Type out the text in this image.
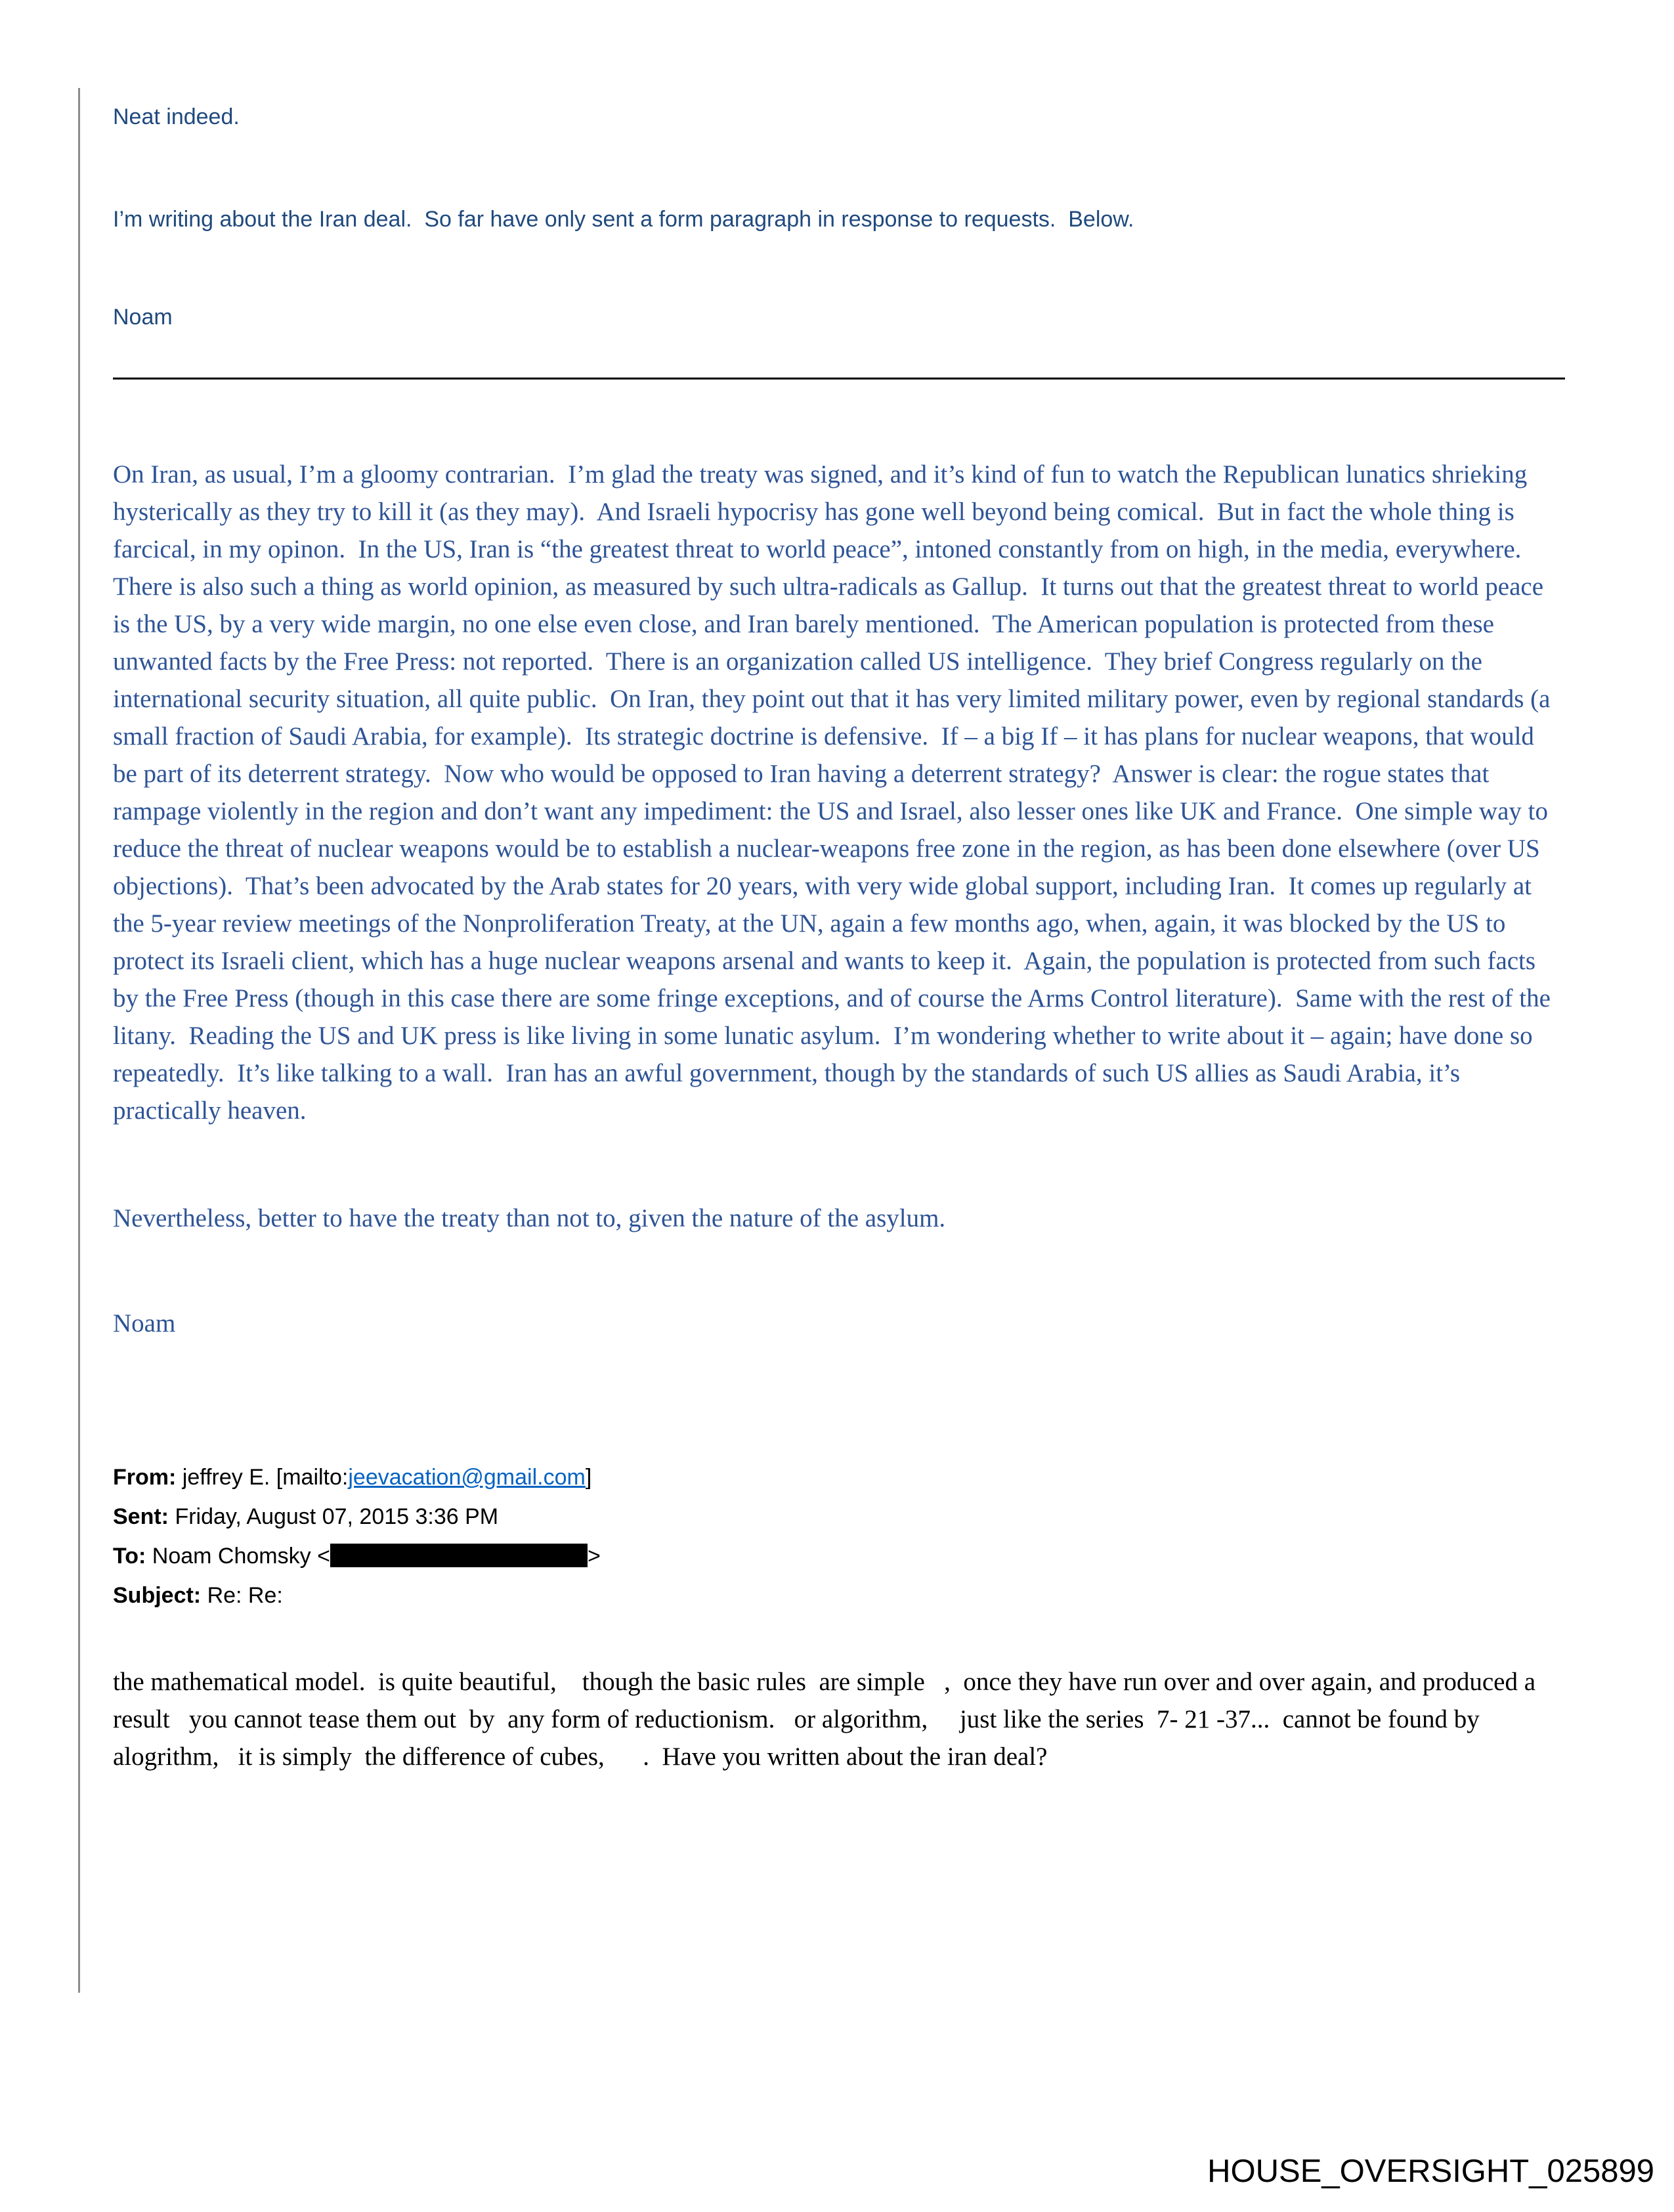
Neat indeed.

I’m writing about the Iran deal.  So far have only sent a form paragraph in response to requests.  Below.

Noam

On Iran, as usual, I’m a gloomy contrarian.  I’m glad the treaty was signed, and it’s kind of fun to watch the Republican lunatics shrieking hysterically as they try to kill it (as they may).  And Israeli hypocrisy has gone well beyond being comical.  But in fact the whole thing is farcical, in my opinon.  In the US, Iran is “the greatest threat to world peace”, intoned constantly from on high, in the media, everywhere.  There is also such a thing as world opinion, as measured by such ultra-radicals as Gallup.  It turns out that the greatest threat to world peace is the US, by a very wide margin, no one else even close, and Iran barely mentioned.  The American population is protected from these unwanted facts by the Free Press: not reported.  There is an organization called US intelligence.  They brief Congress regularly on the international security situation, all quite public.  On Iran, they point out that it has very limited military power, even by regional standards (a small fraction of Saudi Arabia, for example).  Its strategic doctrine is defensive.  If – a big If – it has plans for nuclear weapons, that would be part of its deterrent strategy.  Now who would be opposed to Iran having a deterrent strategy?  Answer is clear: the rogue states that rampage violently in the region and don’t want any impediment: the US and Israel, also lesser ones like UK and France.  One simple way to reduce the threat of nuclear weapons would be to establish a nuclear-weapons free zone in the region, as has been done elsewhere (over US objections).  That’s been advocated by the Arab states for 20 years, with very wide global support, including Iran.  It comes up regularly at the 5-year review meetings of the Nonproliferation Treaty, at the UN, again a few months ago, when, again, it was blocked by the US to protect its Israeli client, which has a huge nuclear weapons arsenal and wants to keep it.  Again, the population is protected from such facts by the Free Press (though in this case there are some fringe exceptions, and of course the Arms Control literature).  Same with the rest of the litany.  Reading the US and UK press is like living in some lunatic asylum.  I’m wondering whether to write about it – again; have done so repeatedly.  It’s like talking to a wall.  Iran has an awful government, though by the standards of such US allies as Saudi Arabia, it’s practically heaven.

Nevertheless, better to have the treaty than not to, given the nature of the asylum.

Noam

From: jeffrey E. [mailto:jeevacation@gmail.com]

Sent: Friday, August 07, 2015 3:36 PM

To: Noam Chomsky <	>

Subject: Re: Re:

the mathematical model.  is quite beautiful,    though the basic rules  are simple   ,  once they have run over and over again, and produced a result   you cannot tease them out  by  any form of reductionism.   or algorithm,     just like the series  7- 21 -37...  cannot be found by alogrithm,   it is simply  the difference of cubes,      .  Have you written about the iran deal?

HOUSE_OVERSIGHT_025899
